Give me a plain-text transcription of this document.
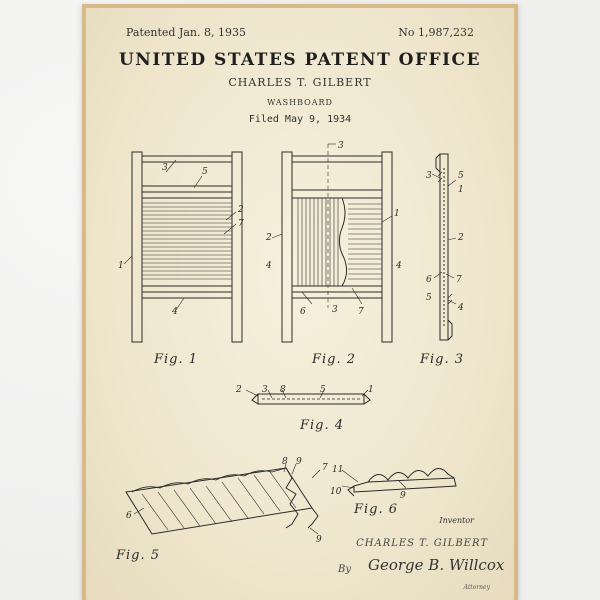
Patented Jan. 8, 1935	No 1,987,232
UNITED STATES PATENT OFFICE
CHARLES T. GILBERT
WASHBOARD
Filed May 9, 1934
3	5
2
7
1
4
3
2
4
1
4
6	3 7
3	5
1
2
6	7
5
4
2 3 8	5	1
7
8 9
6
9
11
10	9
Fig. 1	Fig. 2	Fig. 3
Fig. 4
Fig. 5
Fig. 6
Inventor
CHARLES T. GILBERT
By George B. Willcox
Attorney
